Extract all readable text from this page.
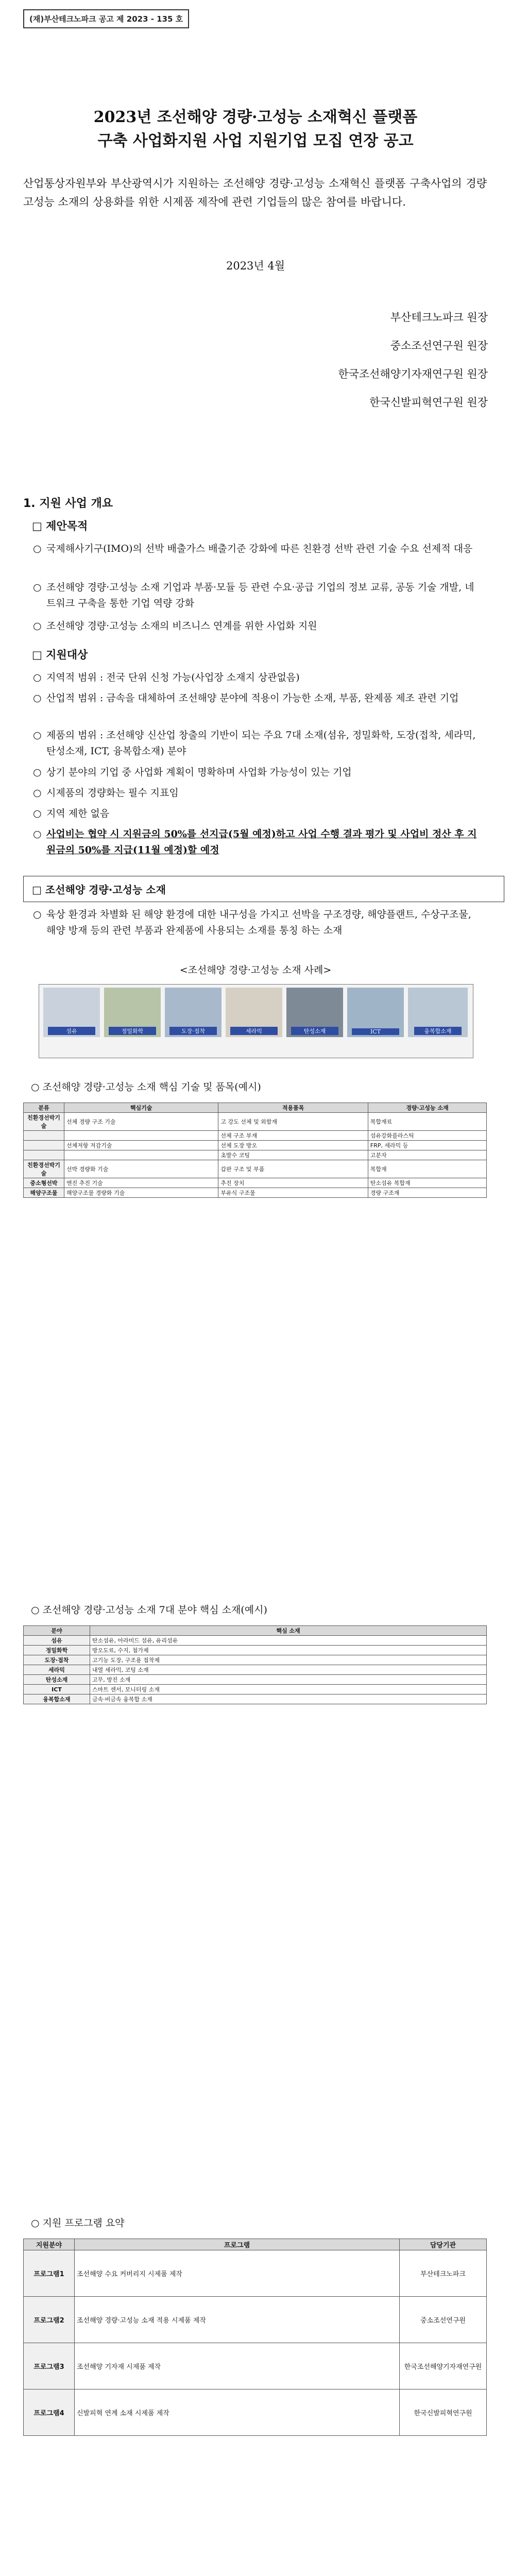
(재)부산테크노파크 공고 제 2023 - 135 호
2023년 조선해양 경량·고성능 소재혁신 플랫폼
구축 사업화지원 사업 지원기업 모집 연장 공고
산업통상자원부와 부산광역시가 지원하는 조선해양 경량·고성능 소재혁신 플랫폼 구축사업의 경량고성능 소재의 상용화를 위한 시제품 제작에 관련 기업들의 많은 참여를 바랍니다.
2023년 4월
부산테크노파크 원장
중소조선연구원 원장
한국조선해양기자재연구원 원장
한국신발피혁연구원 원장
1. 지원 사업 개요
□ 제안목적
○ 국제해사기구(IMO)의 선박 배출가스 배출기준 강화에 따른 친환경 선박 관련 기술 수요 선제적 대응
○ 조선해양 경량·고성능 소재 기업과 부품·모듈 등 관련 수요·공급 기업의 정보 교류, 공동 기술 개발, 네트워크 구축을 통한 기업 역량 강화
○ 조선해양 경량·고성능 소재의 비즈니스 연계를 위한 사업화 지원
□ 지원대상
○ 지역적 범위 : 전국 단위 신청 가능(사업장 소재지 상관없음)
○ 산업적 범위 : 금속을 대체하여 조선해양 분야에 적용이 가능한 소재, 부품, 완제품 제조 관련 기업
○ 제품의 범위 : 조선해양 신산업 창출의 기반이 되는 주요 7대 소재(섬유, 정밀화학, 도장(접착, 세라믹, 탄성소재, ICT, 융복합소재) 분야
○ 상기 분야의 기업 중 사업화 계획이 명확하며 사업화 가능성이 있는 기업
○ 시제품의 경량화는 필수 지표임
○ 지역 제한 없음
○ 사업비는 협약 시 지원금의 50%를 선지급(5월 예정)하고 사업 수행 결과 평가 및 사업비 정산 후 지원금의 50%를 지급(11월 예정)할 예정
□ 조선해양 경량·고성능 소재
○ 육상 환경과 차별화 된 해양 환경에 대한 내구성을 가지고 선박을 구조경량, 해양플랜트, 수상구조물, 해양 방재 등의 관련 부품과 완제품에 사용되는 소재를 통칭 하는 소재
<조선해양 경량·고성능 소재 사례>
섬유	정밀화학	도장·접착	세라믹	탄성소재	ICT	융복합소재
○ 조선해양 경량·고성능 소재 핵심 기술 및 품목(예시)
분류	핵심기술	적용품목	경량·고성능 소재
친환경선박기술	선체 경량 구조 기술	고 강도 선체 및 외함재	복합재료
		선체 구조 부재	섬유강화플라스틱
	선체저항 저감기술	선체 도장 방오	FRP, 세라믹 등
		초발수 코팅	고분자
친환경선박기술	선박 경량화 기술	갑판 구조 및 부품	복합재
중소형선박	엔진 추진 기술	추진 장치	탄소섬유 복합재
해양구조물	해양구조물 경량화 기술	부유식 구조물	경량 구조재
○ 조선해양 경량·고성능 소재 7대 분야 핵심 소재(예시)
분야	핵심 소재
섬유	탄소섬유, 아라미드 섬유, 유리섬유
정밀화학	방오도료, 수지, 첨가제
도장·접착	고기능 도장, 구조용 접착제
세라믹	내열 세라믹, 코팅 소재
탄성소재	고무, 방진 소재
ICT	스마트 센서, 모니터링 소재
융복합소재	금속·비금속 융복합 소재
○ 지원 프로그램 요약
지원분야	프로그램	담당기관
프로그램1	조선해양 수요 커버리지 시제품 제작	부산테크노파크
프로그램2	조선해양 경량·고성능 소재 적용 시제품 제작	중소조선연구원
프로그램3	조선해양 기자재 시제품 제작	한국조선해양기자재연구원
프로그램4	신발피혁 연계 소재 시제품 제작	한국신발피혁연구원
